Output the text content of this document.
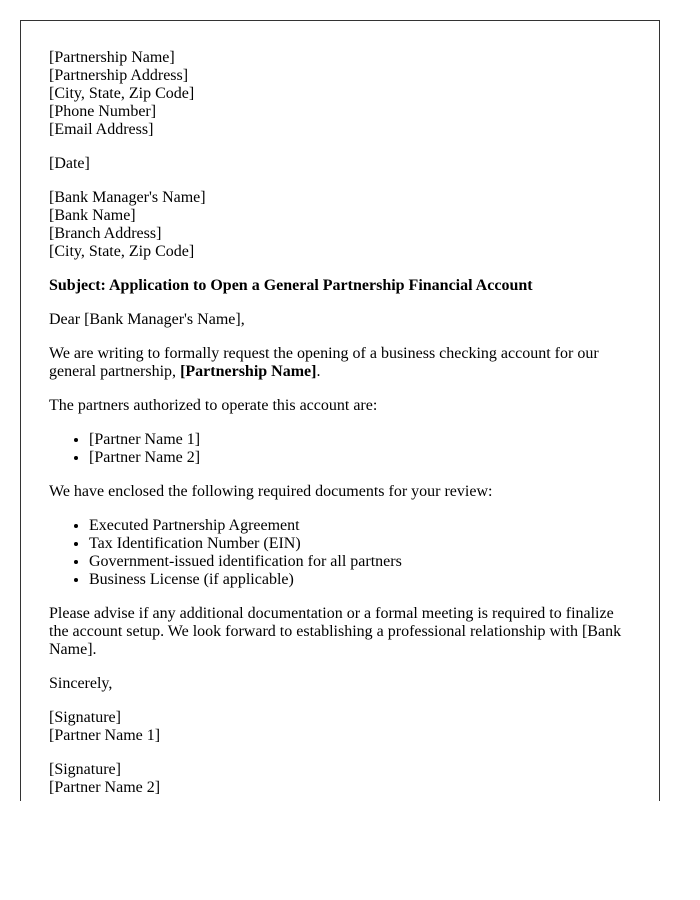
[Partnership Name]
[Partnership Address]
[City, State, Zip Code]
[Phone Number]
[Email Address]

[Date]

[Bank Manager's Name]
[Bank Name]
[Branch Address]
[City, State, Zip Code]

Subject: Application to Open a General Partnership Financial Account

Dear [Bank Manager's Name],

We are writing to formally request the opening of a business checking account for our general partnership, [Partnership Name].

The partners authorized to operate this account are:

• [Partner Name 1]
• [Partner Name 2]

We have enclosed the following required documents for your review:

• Executed Partnership Agreement
• Tax Identification Number (EIN)
• Government-issued identification for all partners
• Business License (if applicable)

Please advise if any additional documentation or a formal meeting is required to finalize the account setup. We look forward to establishing a professional relationship with [Bank Name].

Sincerely,

[Signature]
[Partner Name 1]

[Signature]
[Partner Name 2]
